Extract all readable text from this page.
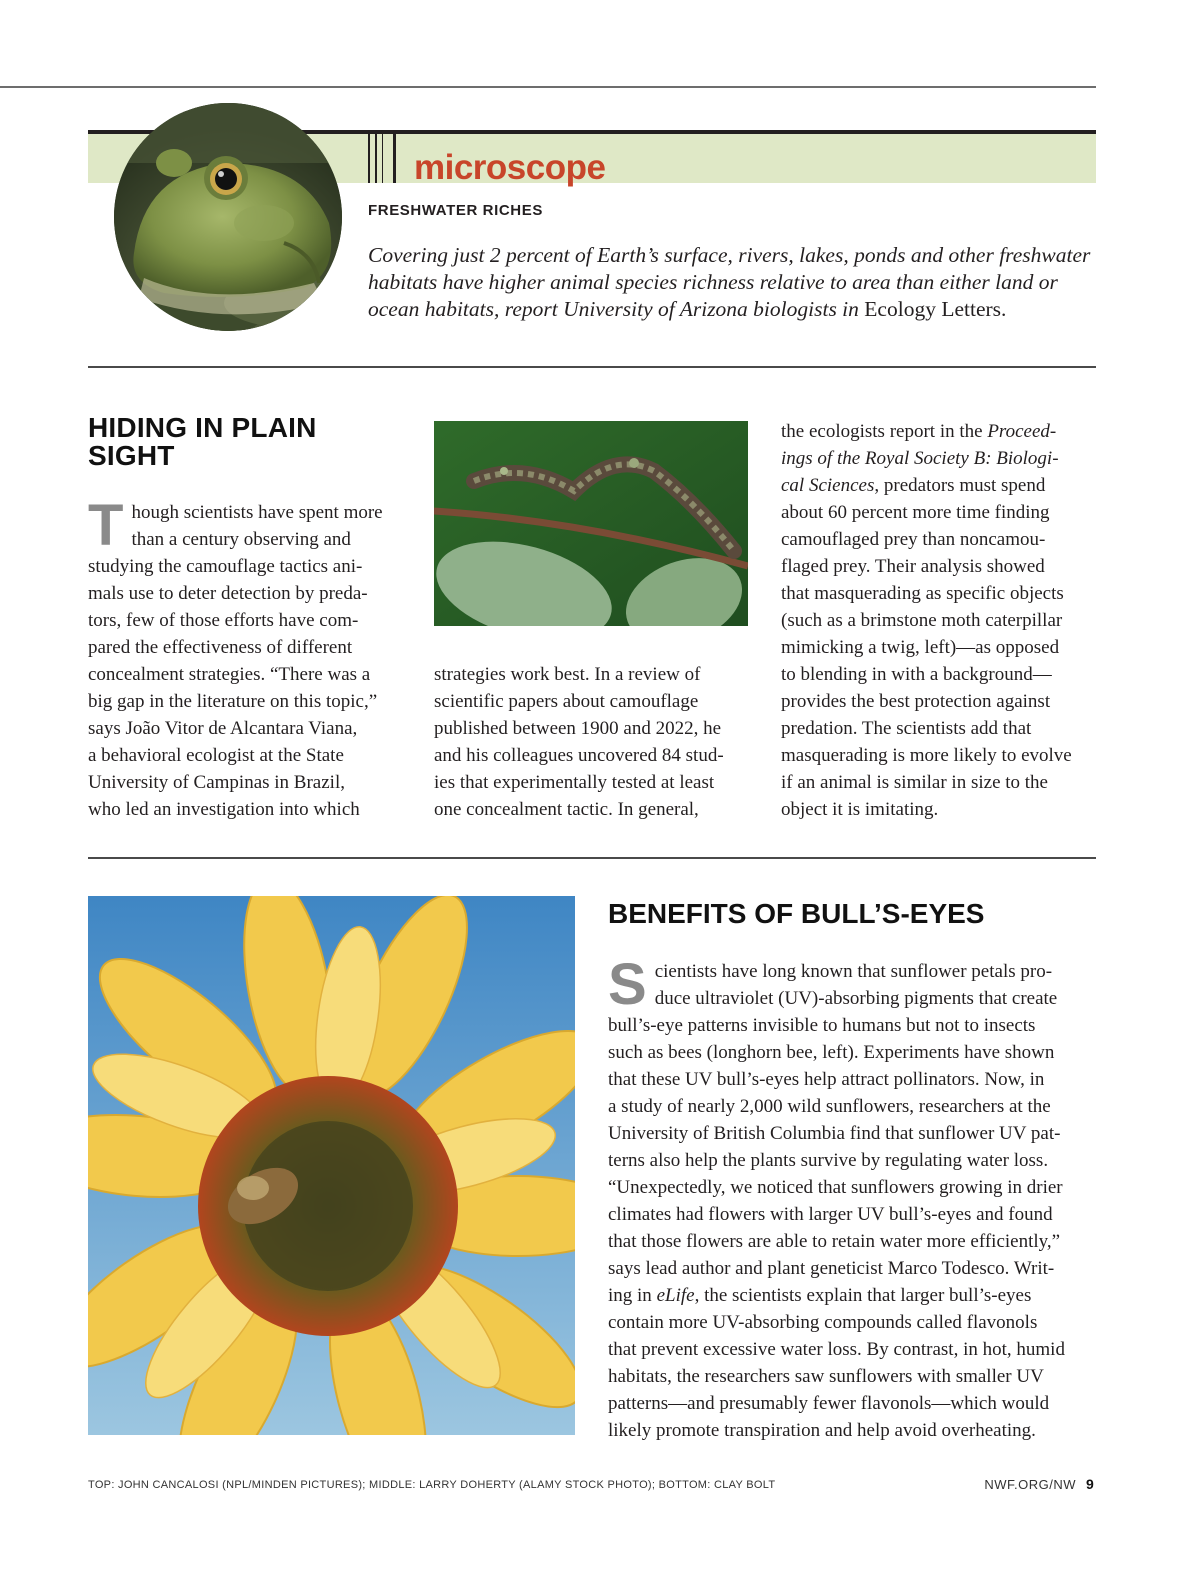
microscope
FRESHWATER RICHES

Covering just 2 percent of Earth’s surface, rivers, lakes, ponds and other freshwater habitats have higher animal species richness relative to area than either land or ocean habitats, report University of Arizona biologists in Ecology Letters.

HIDING IN PLAIN SIGHT
T hough scientists have spent more
than a century observing and

studying the camouflage tactics ani-
mals use to deter detection by preda-
tors, few of those efforts have com-
pared the effectiveness of different
concealment strategies. “There was a
big gap in the literature on this topic,”
says João Vitor de Alcantara Viana,
a behavioral ecologist at the State
University of Campinas in Brazil,
who led an investigation into which

strategies work best. In a review of
scientific papers about camouflage
published between 1900 and 2022, he
and his colleagues uncovered 84 stud-
ies that experimentally tested at least
one concealment tactic. In general,

the ecologists report in the Proceed-
ings of the Royal Society B: Biologi-
cal Sciences, predators must spend
about 60 percent more time finding
camouflaged prey than noncamou-
flaged prey. Their analysis showed
that masquerading as specific objects
(such as a brimstone moth caterpillar
mimicking a twig, left)—as opposed
to blending in with a background—
provides the best protection against
predation. The scientists add that
masquerading is more likely to evolve
if an animal is similar in size to the
object it is imitating.

BENEFITS OF BULL’S-EYES
S cientists have long known that sunflower petals pro-
duce ultraviolet (UV)-absorbing pigments that create

bull’s-eye patterns invisible to humans but not to insects
such as bees (longhorn bee, left). Experiments have shown
that these UV bull’s-eyes help attract pollinators. Now, in
a study of nearly 2,000 wild sunflowers, researchers at the
University of British Columbia find that sunflower UV pat-
terns also help the plants survive by regulating water loss.
“Unexpectedly, we noticed that sunflowers growing in drier
climates had flowers with larger UV bull’s-eyes and found
that those flowers are able to retain water more efficiently,”
says lead author and plant geneticist Marco Todesco. Writ-
ing in eLife, the scientists explain that larger bull’s-eyes
contain more UV-absorbing compounds called flavonols
that prevent excessive water loss. By contrast, in hot, humid
habitats, the researchers saw sunflowers with smaller UV
patterns—and presumably fewer flavonols—which would
likely promote transpiration and help avoid overheating.

TOP: JOHN CANCALOSI (NPL/MINDEN PICTURES); MIDDLE: LARRY DOHERTY (ALAMY STOCK PHOTO); BOTTOM: CLAY BOLT	NWF.ORG/NW 9
